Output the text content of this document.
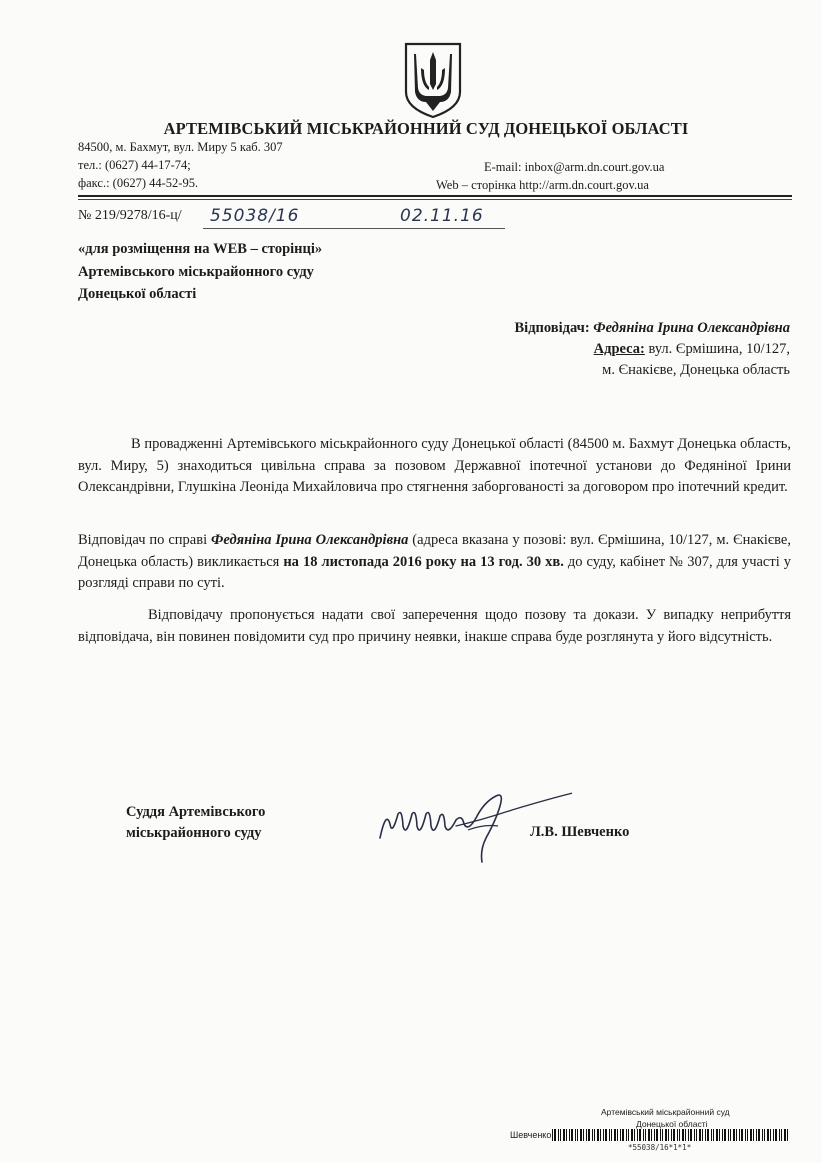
АРТЕМІВСЬКИЙ МІСЬКРАЙОННИЙ СУД ДОНЕЦЬКОЇ ОБЛАСТІ
84500, м. Бахмут, вул. Миру 5 каб. 307
тел.: (0627) 44-17-74;
факс.: (0627) 44-52-95.
E-mail: inbox@arm.dn.court.gov.ua
Web – сторінка http://arm.dn.court.gov.ua
№ 219/9278/16-ц/ 55038/16	02.11.16
«для розміщення на WEB – сторінці»
Артемівського міськрайонного суду
Донецької області
Відповідач: Федяніна Ірина Олександрівна
Адреса: вул. Єрмішина, 10/127,
м. Єнакієве, Донецька область
В провадженні Артемівського міськрайонного суду Донецької області (84500 м. Бахмут Донецька область, вул. Миру, 5) знаходиться цивільна справа за позовом Державної іпотечної установи до Федяніної Ірини Олександрівни, Глушкіна Леоніда Михайловича про стягнення заборгованості за договором про іпотечний кредит.
Відповідач по справі Федяніна Ірина Олександрівна (адреса вказана у позові: вул. Єрмішина, 10/127, м. Єнакієве, Донецька область) викликається на 18 листопада 2016 року на 13 год. 30 хв. до суду, кабінет № 307, для участі у розгляді справи по суті.
Відповідачу пропонується надати свої заперечення щодо позову та докази. У випадку неприбуття відповідача, він повинен повідомити суд про причину неявки, інакше справа буде розглянута у його відсутність.
Суддя Артемівського
міськрайонного суду	Л.В. Шевченко
Артемівський міськрайонний суд
Донецької області
Шевченко
*55038/16*1*1*
